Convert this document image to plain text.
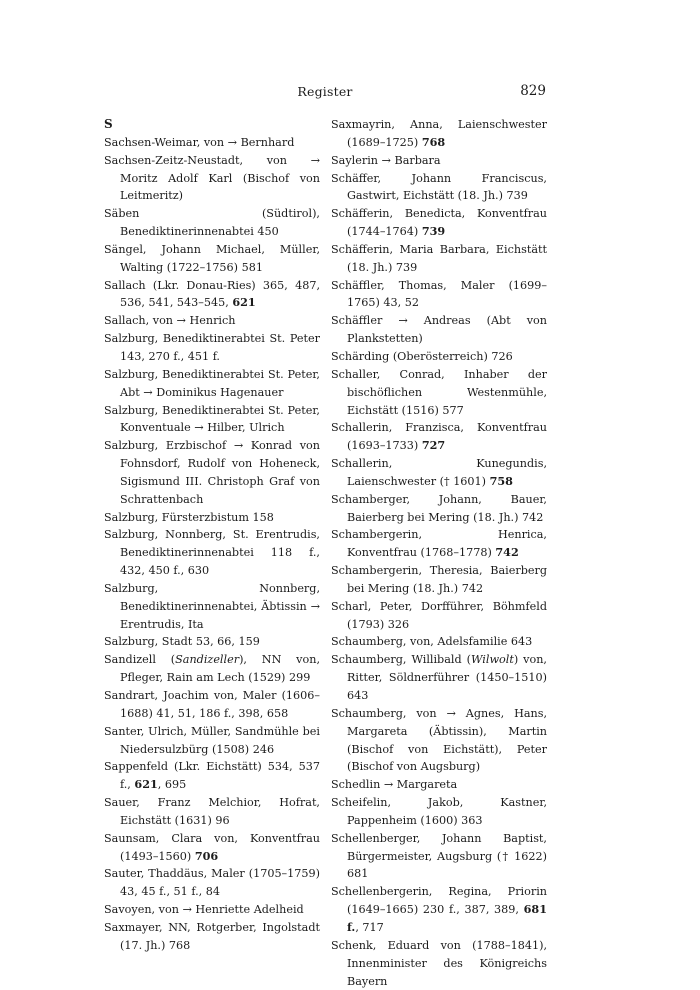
Register	829
S
Sachsen-Weimar, von → Bernhard
Sachsen-Zeitz-Neustadt, von → Moritz Adolf Karl (Bischof von Leitmeritz)
Säben (Südtirol), Benediktinerinnenabtei 450
Sängel, Johann Michael, Müller, Walting (1722–1756) 581
Sallach (Lkr. Donau-Ries) 365, 487, 536, 541, 543–545, 621
Sallach, von → Henrich
Salzburg, Benediktinerabtei St. Peter 143, 270 f., 451 f.
Salzburg, Benediktinerabtei St. Peter, Abt → Dominikus Hagenauer
Salzburg, Benediktinerabtei St. Peter, Konventuale → Hilber, Ulrich
Salzburg, Erzbischof → Konrad von Fohnsdorf, Rudolf von Hoheneck, Sigismund III. Christoph Graf von Schrattenbach
Salzburg, Fürsterzbistum 158
Salzburg, Nonnberg, St. Erentrudis, Benediktinerinnenabtei 118 f., 432, 450 f., 630
Salzburg, Nonnberg, Benediktinerinnenabtei, Äbtissin → Erentrudis, Ita
Salzburg, Stadt 53, 66, 159
Sandizell (Sandizeller), NN von, Pfleger, Rain am Lech (1529) 299
Sandrart, Joachim von, Maler (1606–1688) 41, 51, 186 f., 398, 658
Santer, Ulrich, Müller, Sandmühle bei Niedersulzbürg (1508) 246
Sappenfeld (Lkr. Eichstätt) 534, 537 f., 621, 695
Sauer, Franz Melchior, Hofrat, Eichstätt (1631) 96
Saunsam, Clara von, Konventfrau (1493–1560) 706
Sauter, Thaddäus, Maler (1705–1759) 43, 45 f., 51 f., 84
Savoyen, von → Henriette Adelheid
Saxmayer, NN, Rotgerber, Ingolstadt (17. Jh.) 768
Saxmayrin, Anna, Laienschwester (1689–1725) 768
Saylerin → Barbara
Schäffer, Johann Franciscus, Gastwirt, Eichstätt (18. Jh.) 739
Schäfferin, Benedicta, Konventfrau (1744–1764) 739
Schäfferin, Maria Barbara, Eichstätt (18. Jh.) 739
Schäffler, Thomas, Maler (1699–1765) 43, 52
Schäffler → Andreas (Abt von Plankstetten)
Schärding (Oberösterreich) 726
Schaller, Conrad, Inhaber der bischöflichen Westenmühle, Eichstätt (1516) 577
Schallerin, Franzisca, Konventfrau (1693–1733) 727
Schallerin, Kunegundis, Laienschwester († 1601) 758
Schamberger, Johann, Bauer, Baierberg bei Mering (18. Jh.) 742
Schambergerin, Henrica, Konventfrau (1768–1778) 742
Schambergerin, Theresia, Baierberg bei Mering (18. Jh.) 742
Scharl, Peter, Dorfführer, Böhmfeld (1793) 326
Schaumberg, von, Adelsfamilie 643
Schaumberg, Willibald (Wilwolt) von, Ritter, Söldnerführer (1450–1510) 643
Schaumberg, von → Agnes, Hans, Margareta (Äbtissin), Martin (Bischof von Eichstätt), Peter (Bischof von Augsburg)
Schedlin → Margareta
Scheifelin, Jakob, Kastner, Pappenheim (1600) 363
Schellenberger, Johann Baptist, Bürgermeister, Augsburg († 1622) 681
Schellenbergerin, Regina, Priorin (1649–1665) 230 f., 387, 389, 681 f., 717
Schenk, Eduard von (1788–1841), Innenminister des Königreichs Bayern
